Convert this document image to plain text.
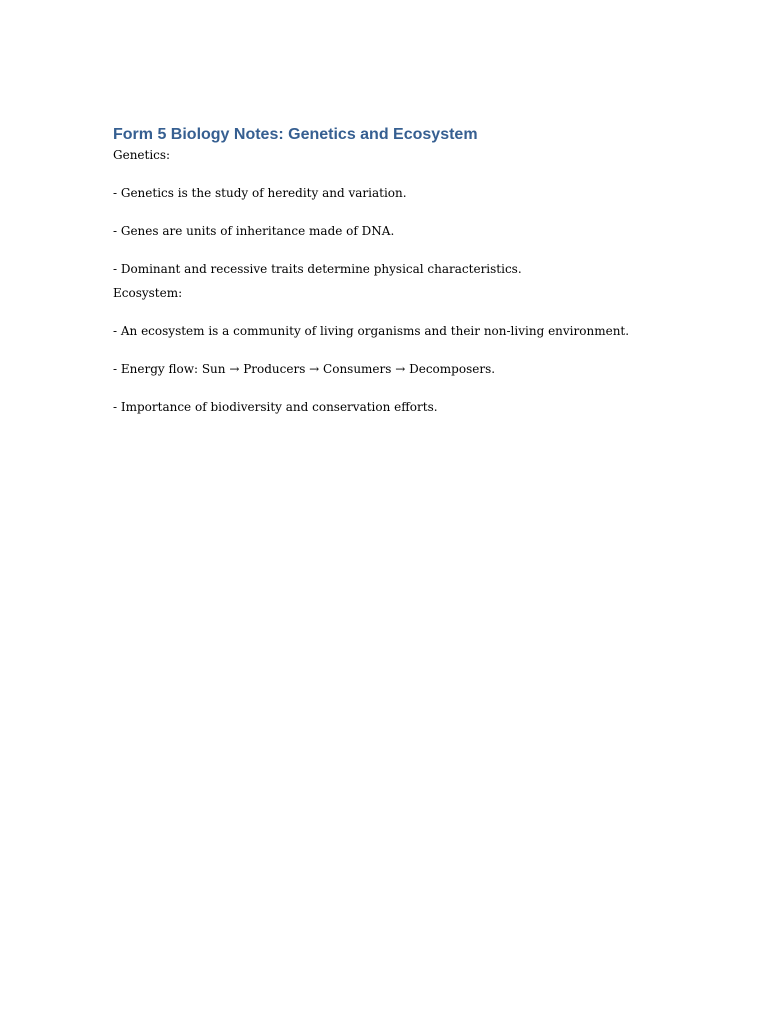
Form 5 Biology Notes: Genetics and Ecosystem

Genetics:

- Genetics is the study of heredity and variation.

- Genes are units of inheritance made of DNA.

- Dominant and recessive traits determine physical characteristics.

Ecosystem:

- An ecosystem is a community of living organisms and their non-living environment.

- Energy flow: Sun → Producers → Consumers → Decomposers.

- Importance of biodiversity and conservation efforts.
